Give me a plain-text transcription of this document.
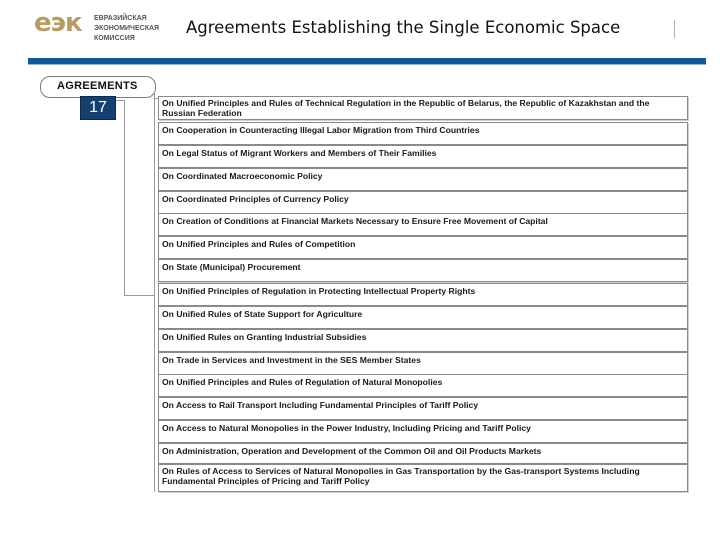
еэк ЕВРАЗИЙСКАЯ
ЭКОНОМИЧЕСКАЯ
КОМИССИЯ
Agreements Establishing the Single Economic Space
AGREEMENTS
17	On Unified Principles and Rules of Technical Regulation in the Republic of Belarus, the Republic of Kazakhstan and the Russian Federation
On Cooperation in Counteracting Illegal Labor Migration from Third Countries
On Legal Status of Migrant Workers and Members of Their Families
On Coordinated Macroeconomic Policy
On Coordinated Principles of Currency Policy
On Creation of Conditions at Financial Markets Necessary to Ensure Free Movement of Capital
On Unified Principles and Rules of Competition
On State (Municipal) Procurement
On Unified Principles of Regulation in Protecting Intellectual Property Rights
On Unified Rules of State Support for Agriculture
On Unified Rules on Granting Industrial Subsidies
On Trade in Services and Investment in the SES Member States
On Unified Principles and Rules of Regulation of Natural Monopolies
On Access to Rail Transport Including Fundamental Principles of Tariff Policy
On Access to Natural Monopolies in the Power Industry, Including Pricing and Tariff Policy
On Administration, Operation and Development of the Common Oil and Oil Products Markets
On Rules of Access to Services of Natural Monopolies in Gas Transportation by the Gas-transport Systems Including Fundamental Principles of Pricing and Tariff Policy
